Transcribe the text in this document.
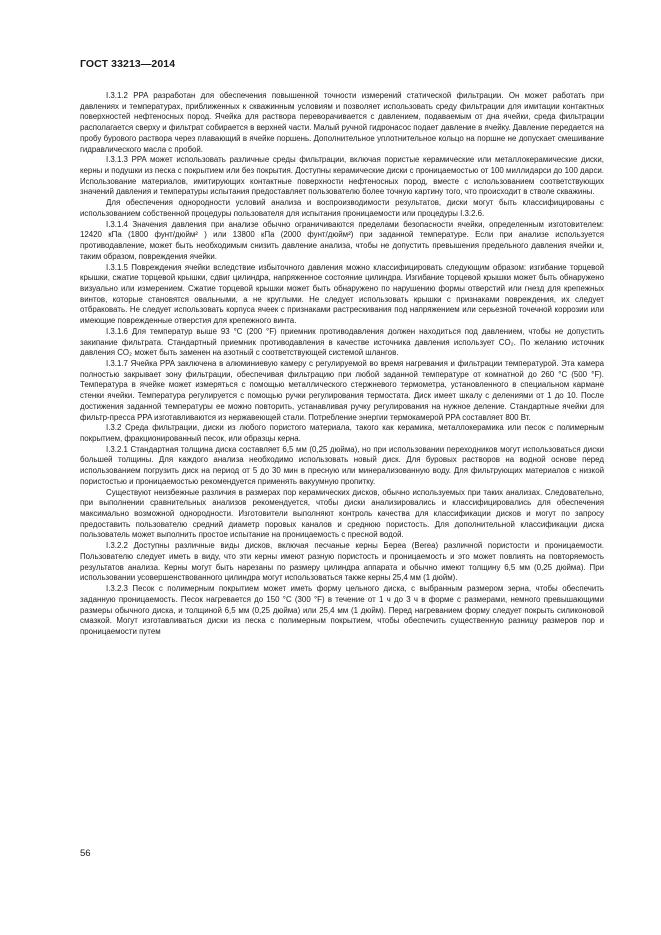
ГОСТ 33213—2014

I.3.1.2 PPA разработан для обеспечения повышенной точности измерений статической фильтрации. Он может работать при давлениях и температурах, приближенных к скважинным условиям и позволяет использовать среду фильтрации для имитации контактных поверхностей нефтеносных пород. Ячейка для раствора переворачивается с давлением, подаваемым от дна ячейки, среда фильтрации располагается сверху и фильтрат собирается в верхней части. Малый ручной гидронасос подает давление в ячейку. Давление передается на пробу бурового раствора через плавающий в ячейке поршень. Дополнительное уплотнительное кольцо на поршне не допускает смешивание гидравлического масла с пробой.

I.3.1.3 PPA может использовать различные среды фильтрации, включая пористые керамические или металлокерамические диски, керны и подушки из песка с покрытием или без покрытия. Доступны керамические диски с проницаемостью от 100 миллидарси до 100 дарси. Использование материалов, имитирующих контактные поверхности нефтеносных пород, вместе с использованием соответствующих значений давления и температуры испытания предоставляет пользователю более точную картину того, что происходит в стволе скважины.

Для обеспечения однородности условий анализа и воспроизводимости результатов, диски могут быть классифицированы с использованием собственной процедуры пользователя для испытания проницаемости или процедуры I.3.2.6.

I.3.1.4 Значения давления при анализе обычно ограничиваются пределами безопасности ячейки, определенным изготовителем: 12420 кПа (1800 фунт/дюйм² ) или 13800 кПа (2000 фунт/дюйм²) при заданной температуре. Если при анализе используется противодавление, может быть необходимым снизить давление анализа, чтобы не допустить превышения предельного давления ячейки и, таким образом, повреждения ячейки.

I.3.1.5 Повреждения ячейки вследствие избыточного давления можно классифицировать следующим образом: изгибание торцевой крышки, сжатие торцевой крышки, сдвиг цилиндра, напряженное состояние цилиндра. Изгибание торцевой крышки может быть обнаружено визуально или измерением. Сжатие торцевой крышки может быть обнаружено по нарушению формы отверстий или гнезд для крепежных винтов, которые становятся овальными, а не круглыми. Не следует использовать крышки с признаками повреждения, их следует отбраковать. Не следует использовать корпуса ячеек с признаками растрескивания под напряжением или серьезной точечной коррозии или имеющие поврежденные отверстия для крепежного винта.

I.3.1.6 Для температур выше 93 °C (200 °F) приемник противодавления должен находиться под давлением, чтобы не допустить закипание фильтрата. Стандартный приемник противодавления в качестве источника давления использует CO₂. По желанию источник давления CO₂ может быть заменен на азотный с соответствующей системой шлангов.

I.3.1.7 Ячейка PPA заключена в алюминиевую камеру с регулируемой во время нагревания и фильтрации температурой. Эта камера полностью закрывает зону фильтрации, обеспечивая фильтрацию при любой заданной температуре от комнатной до 260 °C (500 °F). Температура в ячейке может измеряться с помощью металлического стержневого термометра, установленного в специальном кармане стенки ячейки. Температура регулируется с помощью ручки регулирования термостата. Диск имеет шкалу с делениями от 1 до 10. После достижения заданной температуры ее можно повторить, устанавливая ручку регулирования на нужное деление. Стандартные ячейки для фильтр-пресса PPA изготавливаются из нержавеющей стали. Потребление энергии термокамерой PPA составляет 800 Вт.

I.3.2 Среда фильтрации, диски из любого пористого материала, такого как керамика, металлокерамика или песок с полимерным покрытием, фракционированный песок, или образцы керна.

I.3.2.1 Стандартная толщина диска составляет 6,5 мм (0,25 дюйма), но при использовании переходников могут использоваться диски большей толщины. Для каждого анализа необходимо использовать новый диск. Для буровых растворов на водной основе перед использованием погрузить диск на период от 5 до 30 мин в пресную или минерализованную воду. Для фильтрующих материалов с низкой пористостью и проницаемостью рекомендуется применять вакуумную пропитку.

Существуют неизбежные различия в размерах пор керамических дисков, обычно используемых при таких анализах. Следовательно, при выполнении сравнительных анализов рекомендуется, чтобы диски анализировались и классифицировались для обеспечения максимально возможной однородности. Изготовители выполняют контроль качества для классификации дисков и могут по запросу предоставить пользователю средний диаметр поровых каналов и среднюю пористость. Для дополнительной классификации диска пользователь может выполнить простое испытание на проницаемость с пресной водой.

I.3.2.2 Доступны различные виды дисков, включая песчаные керны Берea (Berea) различной пористости и проницаемости. Пользователю следует иметь в виду, что эти керны имеют разную пористость и проницаемость и это может повлиять на повторяемость результатов анализа. Керны могут быть нарезаны по размеру цилиндра аппарата и обычно имеют толщину 6,5 мм (0,25 дюйма). При использовании усовершенствованного цилиндра могут использоваться также керны 25,4 мм (1 дюйм).

I.3.2.3 Песок с полимерным покрытием может иметь форму цельного диска, с выбранным размером зерна, чтобы обеспечить заданную проницаемость. Песок нагревается до 150 °C (300 °F) в течение от 1 ч до 3 ч в форме с размерами, немного превышающими размеры обычного диска, и толщиной 6,5 мм (0,25 дюйма) или 25,4 мм (1 дюйм). Перед нагреванием форму следует покрыть силиконовой смазкой. Могут изготавливаться диски из песка с полимерным покрытием, чтобы обеспечить существенную разницу размеров пор и проницаемости путем

56
